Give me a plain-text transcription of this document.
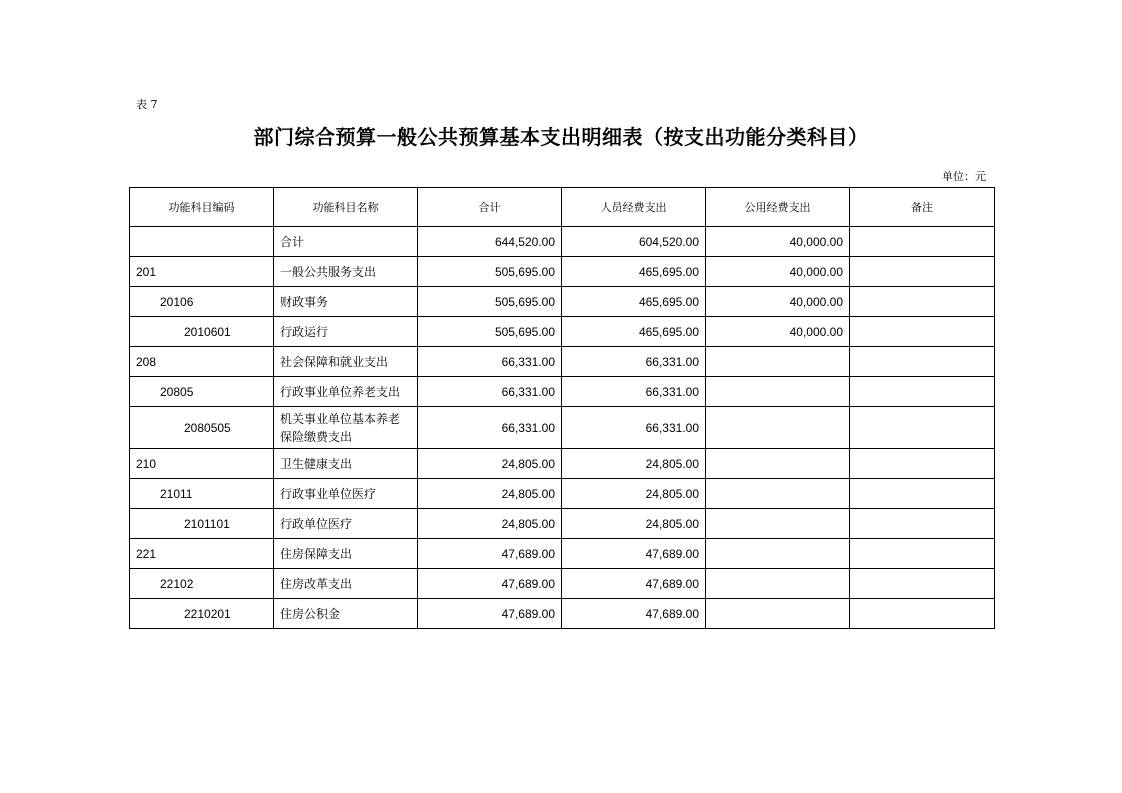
表 7
部门综合预算一般公共预算基本支出明细表（按支出功能分类科目）
单位：元
功能科目编码	功能科目名称	合计	人员经费支出	公用经费支出	备注
	合计	644,520.00	604,520.00	40,000.00	
201	一般公共服务支出	505,695.00	465,695.00	40,000.00	
20106	财政事务	505,695.00	465,695.00	40,000.00	
2010601	行政运行	505,695.00	465,695.00	40,000.00	
208	社会保障和就业支出	66,331.00	66,331.00		
20805	行政事业单位养老支出	66,331.00	66,331.00		
2080505	机关事业单位基本养老保险缴费支出	66,331.00	66,331.00		
210	卫生健康支出	24,805.00	24,805.00		
21011	行政事业单位医疗	24,805.00	24,805.00		
2101101	行政单位医疗	24,805.00	24,805.00		
221	住房保障支出	47,689.00	47,689.00		
22102	住房改革支出	47,689.00	47,689.00		
2210201	住房公积金	47,689.00	47,689.00		
